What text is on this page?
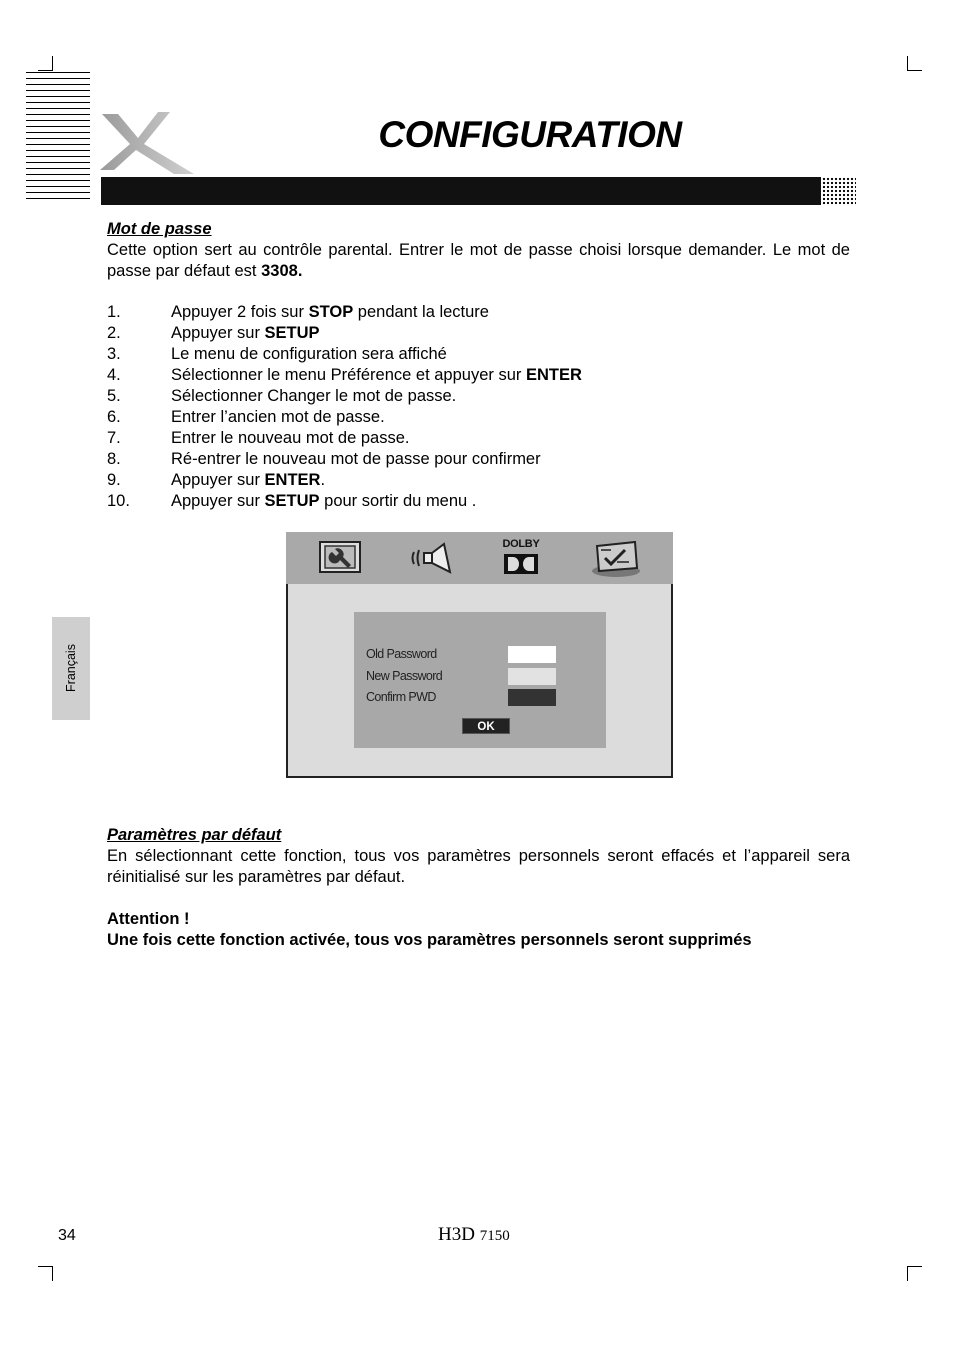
CONFIGURATION
Mot de passe
Cette option sert au contrôle parental. Entrer le mot de passe choisi lorsque demander. Le mot de passe par défaut est 3308.
1.	Appuyer 2 fois sur STOP pendant la lecture
2.	Appuyer sur SETUP
3.	Le menu de configuration sera affiché
4.	Sélectionner le menu Préférence et appuyer sur ENTER
5.	Sélectionner Changer le mot de passe.
6.	Entrer l’ancien mot de passe.
7.	Entrer le nouveau mot de passe.
8.	Ré-entrer le nouveau mot de passe pour confirmer
9.	Appuyer sur ENTER.
10.	Appuyer sur SETUP pour sortir du menu .
DOLBY
Old Password
New Password
Confirm PWD
OK
Français
Paramètres par défaut
En sélectionnant cette fonction, tous vos paramètres personnels seront effacés et l’appareil sera réinitialisé sur les paramètres par défaut.
Attention !
Une fois cette fonction activée, tous vos paramètres personnels seront supprimés
34	H3D 7150
